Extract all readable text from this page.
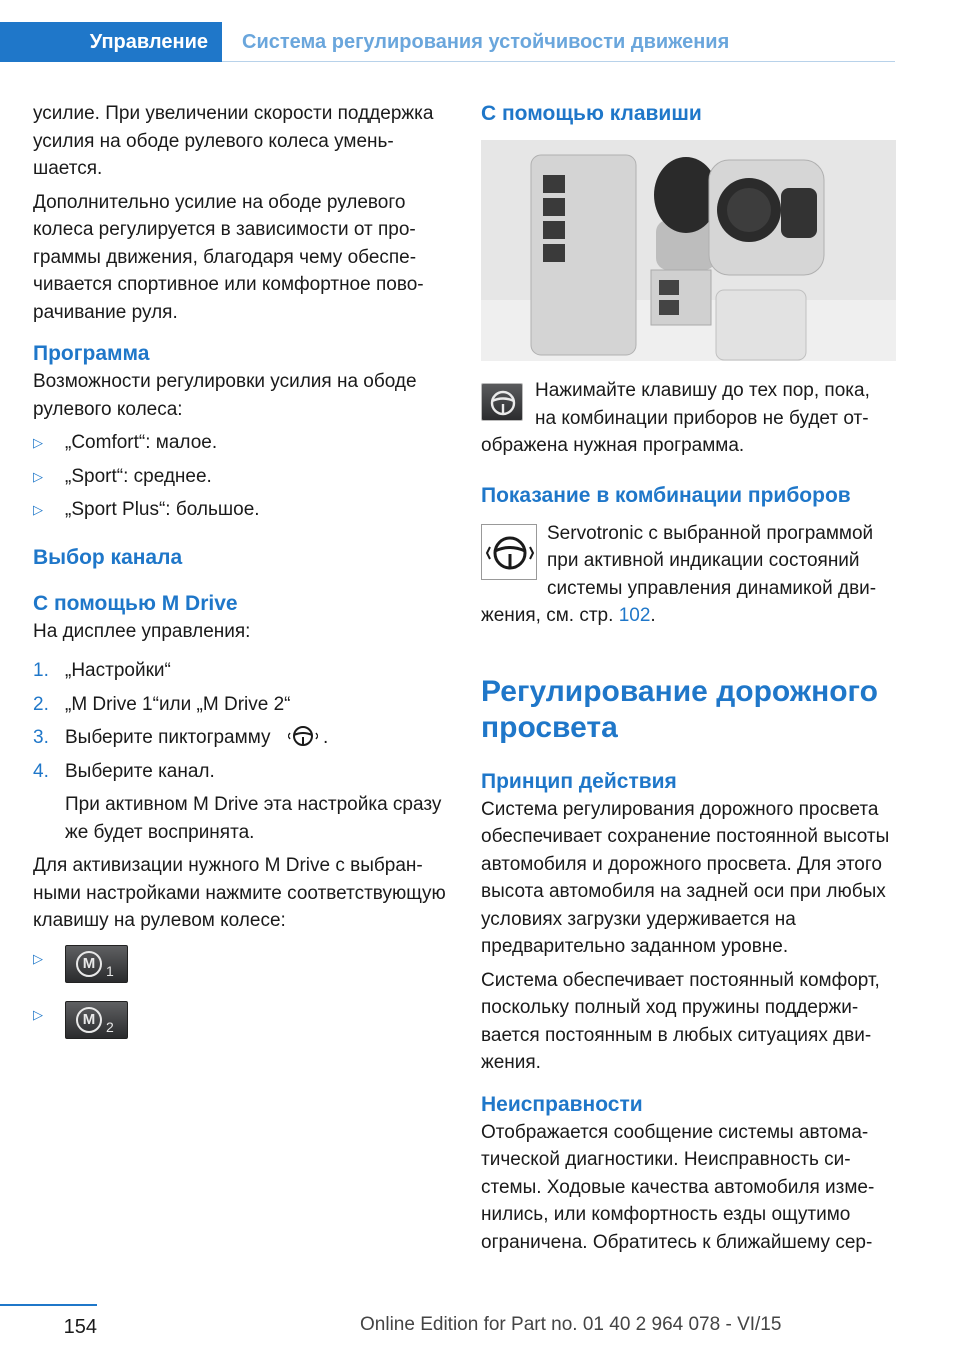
Управление	Система регулирования устойчивости движения

усилие. При увеличении скорости поддержка усилия на ободе рулевого колеса уменьшается.

Дополнительно усилие на ободе рулевого колеса регулируется в зависимости от программы движения, благодаря чему обеспечивается спортивное или комфортное поворачивание руля.

Программа

Возможности регулировки усилия на ободе рулевого колеса:

▷ „Comfort“: малое.
▷ „Sport“: среднее.
▷ „Sport Plus“: большое.
Выбор канала
С помощью M Drive

На дисплее управления:

1. „Настройки“
2. „M Drive 1“или „M Drive 2“
3. Выберите пиктограмму	.
4. Выберите канал.

При активном M Drive эта настройка сразу же будет воспринята.

Для активизации нужного M Drive с выбранными настройками нажмите соответствующую клавишу на рулевом колесе:

▷	M 1
▷	M 2
С помощью клавиши
Нажимайте клавишу до тех пор, пока, на комбинации приборов не будет отображена нужная программа.
Показание в комбинации приборов
Servotronic с выбранной программой при активной индикации состояний системы управления динамикой движения, см. стр. 102.
Регулирование дорожного просвета
Принцип действия

Система регулирования дорожного просвета обеспечивает сохранение постоянной высоты автомобиля и дорожного просвета. Для этого высота автомобиля на задней оси при любых условиях загрузки удерживается на предварительно заданном уровне.

Система обеспечивает постоянный комфорт, поскольку полный ход пружины поддерживается постоянным в любых ситуациях движения.

Неисправности

Отображается сообщение системы автоматической диагностики. Неисправность системы. Ходовые качества автомобиля изменились, или комфортность езды ощутимо ограничена. Обратитесь к ближайшему сер-

154	Online Edition for Part no. 01 40 2 964 078 - VI/15
